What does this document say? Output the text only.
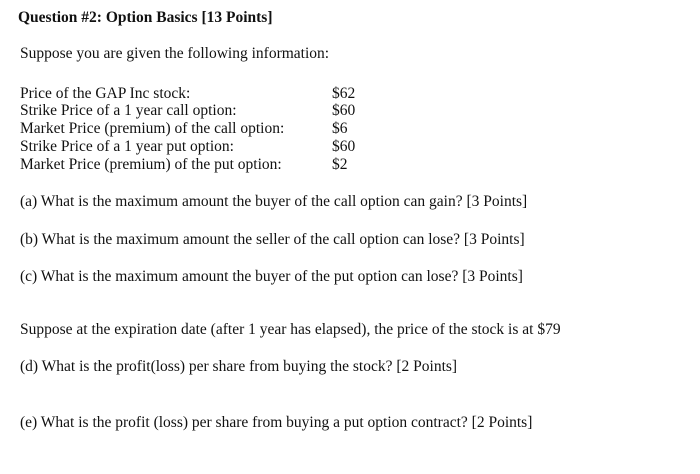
Question #2: Option Basics [13 Points]
Suppose you are given the following information:
Price of the GAP Inc stock:	$62
Strike Price of a 1 year call option:	$60
Market Price (premium) of the call option:	$6
Strike Price of a 1 year put option:	$60
Market Price (premium) of the put option:	$2
(a) What is the maximum amount the buyer of the call option can gain? [3 Points]
(b) What is the maximum amount the seller of the call option can lose? [3 Points]
(c) What is the maximum amount the buyer of the put option can lose? [3 Points]
Suppose at the expiration date (after 1 year has elapsed), the price of the stock is at $79
(d) What is the profit(loss) per share from buying the stock? [2 Points]
(e) What is the profit (loss) per share from buying a put option contract? [2 Points]
